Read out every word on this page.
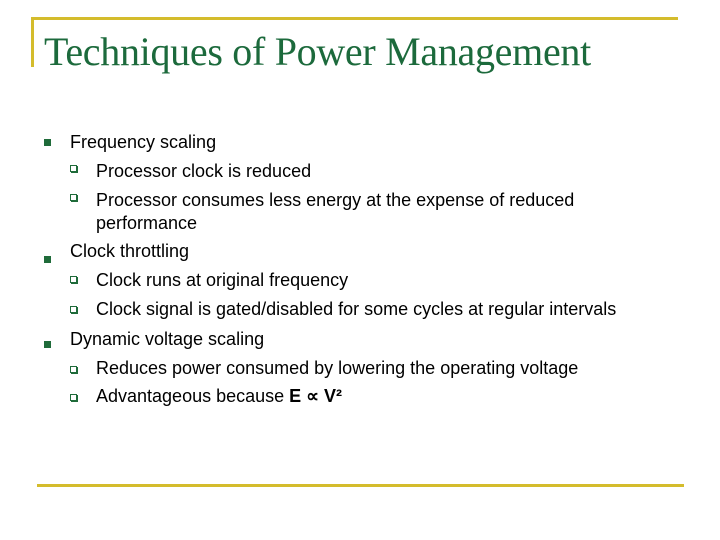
Techniques of Power Management
Frequency scaling
Processor clock is reduced
Processor consumes less energy at the expense of reduced
performance
Clock throttling
Clock runs at original frequency
Clock signal is gated/disabled for some cycles at regular intervals
Dynamic voltage scaling
Reduces power consumed by lowering the operating voltage
Advantageous because E ∝ V²
